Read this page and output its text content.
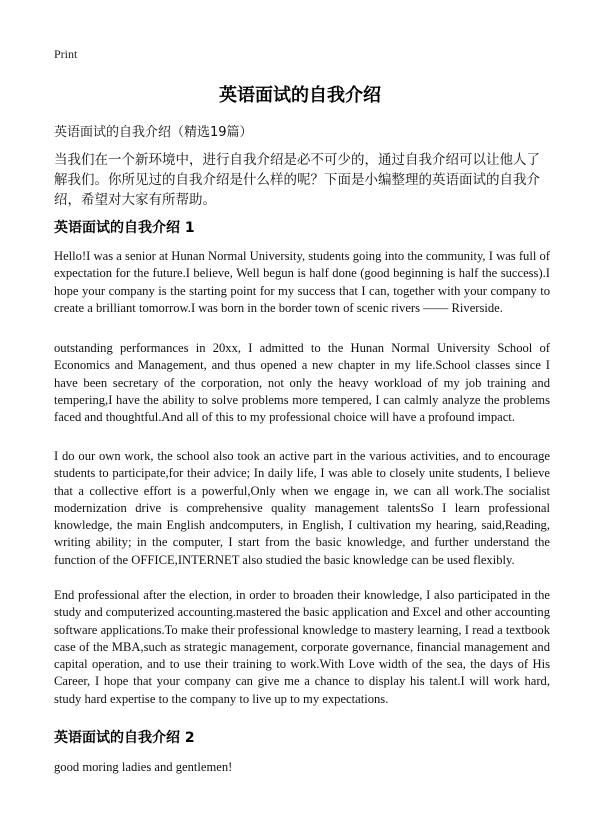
Print
英语面试的自我介绍
英语面试的自我介绍（精选19篇）

当我们在一个新环境中，进行自我介绍是必不可少的，通过自我介绍可以让他人了解我们。你所见过的自我介绍是什么样的呢？下面是小编整理的英语面试的自我介绍，希望对大家有所帮助。

英语面试的自我介绍 1

Hello!I was a senior at Hunan Normal University, students going into the community, I was full of expectation for the future.I believe, Well begun is half done (good beginning is half the success).I hope your company is the starting point for my success that I can, together with your company to create a brilliant tomorrow.I was born in the border town of scenic rivers —— Riverside.

outstanding performances in 20xx, I admitted to the Hunan Normal University School of Economics and Management, and thus opened a new chapter in my life.School classes since I have been secretary of the corporation, not only the heavy workload of my job training and tempering,I have the ability to solve problems more tempered, I can calmly analyze the problems faced and thoughtful.And all of this to my professional choice will have a profound impact.

I do our own work, the school also took an active part in the various activities, and to encourage students to participate,for their advice; In daily life, I was able to closely unite students, I believe that a collective effort is a powerful,Only when we engage in, we can all work.The socialist modernization drive is comprehensive quality management talentsSo I learn professional knowledge, the main English andcomputers, in English, I cultivation my hearing, said,Reading, writing ability; in the computer, I start from the basic knowledge, and further understand the function of the OFFICE,INTERNET also studied the basic knowledge can be used flexibly.

End professional after the election, in order to broaden their knowledge, I also participated in the study and computerized accounting.mastered the basic application and Excel and other accounting software applications.To make their professional knowledge to mastery learning, I read a textbook case of the MBA,such as strategic management, corporate governance, financial management and capital operation, and to use their training to work.With Love width of the sea, the days of His Career, I hope that your company can give me a chance to display his talent.I will work hard, study hard expertise to the company to live up to my expectations.

英语面试的自我介绍 2

good moring ladies and gentlemen!
